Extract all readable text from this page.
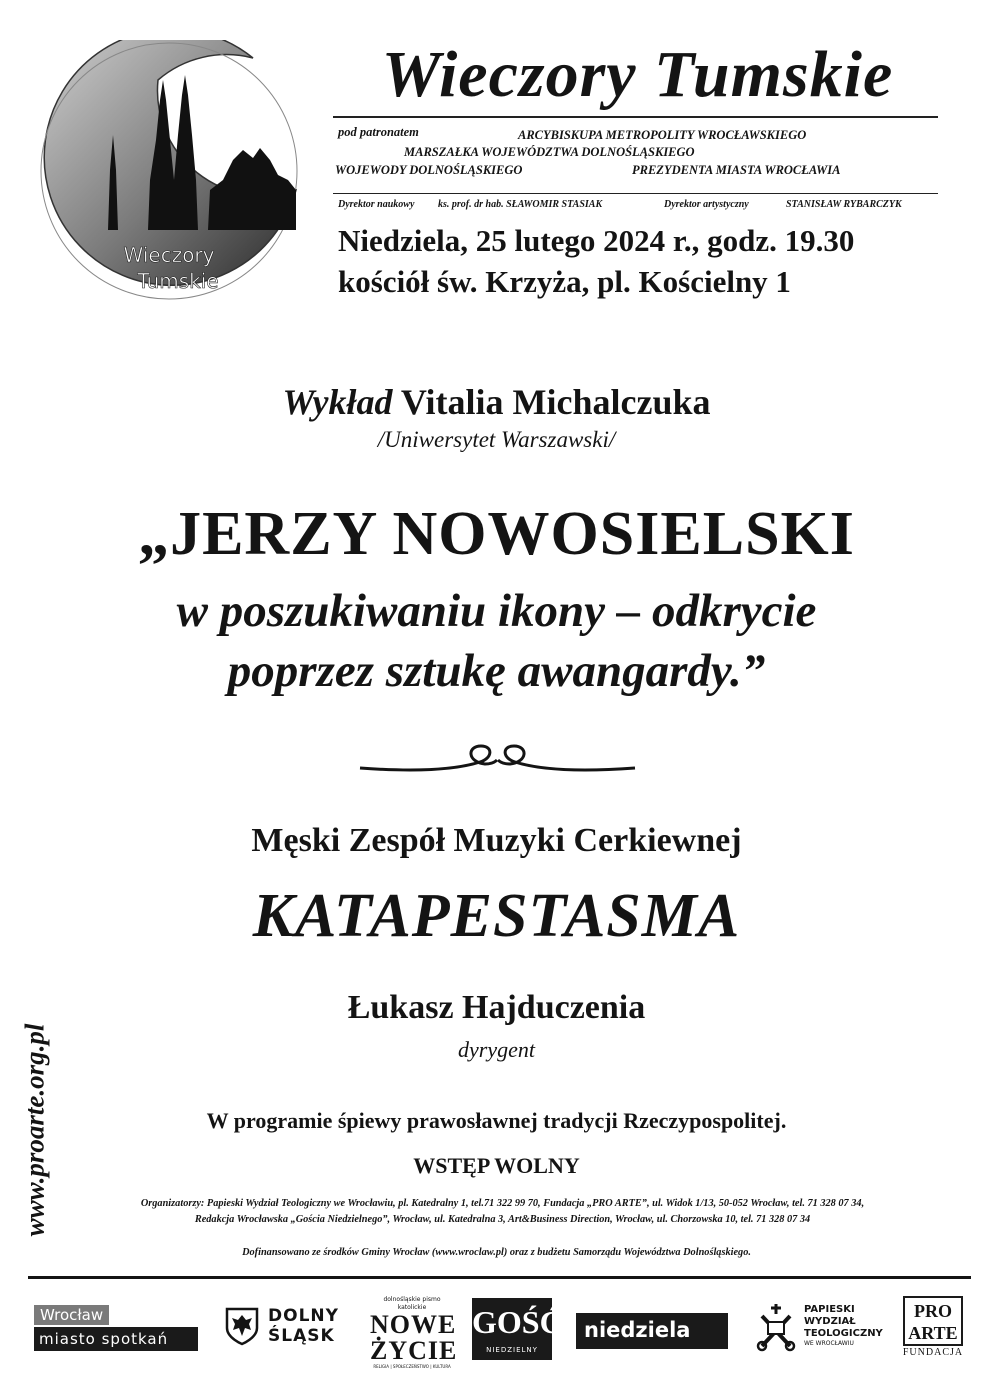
Wieczory
Tumskie
Wieczory Tumskie
pod patronatem	ARCYBISKUPA METROPOLITY WROCŁAWSKIEGO
MARSZAŁKA WOJEWÓDZTWA DOLNOŚLĄSKIEGO
WOJEWODY DOLNOŚLĄSKIEGO	PREZYDENTA MIASTA WROCŁAWIA
Dyrektor naukowy ks. prof. dr hab. SŁAWOMIR STASIAK	Dyrektor artystyczny	STANISŁAW RYBARCZYK
Niedziela, 25 lutego 2024 r., godz. 19.30
kościół św. Krzyża, pl. Kościelny 1
Wykład Vitalia Michalczuka
/Uniwersytet Warszawski/
„JERZY NOWOSIELSKI
w poszukiwaniu ikony – odkrycie
poprzez sztukę awangardy.”
Męski Zespół Muzyki Cerkiewnej
KATAPESTASMA
Łukasz Hajduczenia
dyrygent
W programie śpiewy prawosławnej tradycji Rzeczypospolitej.
WSTĘP WOLNY
Organizatorzy: Papieski Wydział Teologiczny we Wrocławiu, pl. Katedralny 1, tel.71 322 99 70, Fundacja „PRO ARTE”, ul. Widok 1/13, 50-052 Wrocław, tel. 71 328 07 34,
Redakcja Wrocławska „Gościa Niedzielnego”, Wrocław, ul. Katedralna 3, Art&Business Direction, Wrocław, ul. Chorzowska 10, tel. 71 328 07 34
Dofinansowano ze środków Gminy Wrocław (www.wroclaw.pl) oraz z budżetu Samorządu Województwa Dolnośląskiego.
www.proarte.org.pl
Wrocław
miasto spotkań
DOLNY
ŚLĄSK
dolnośląskie pismo katolickie
NOWE
ŻYCIE
RELIGIA | SPOŁECZEŃSTWO | KULTURA
GOŚĆ
NIEDZIELNY
niedziela
PAPIESKI
WYDZIAŁ
TEOLOGICZNY
WE WROCŁAWIU
PRO
ARTE
FUNDACJA
